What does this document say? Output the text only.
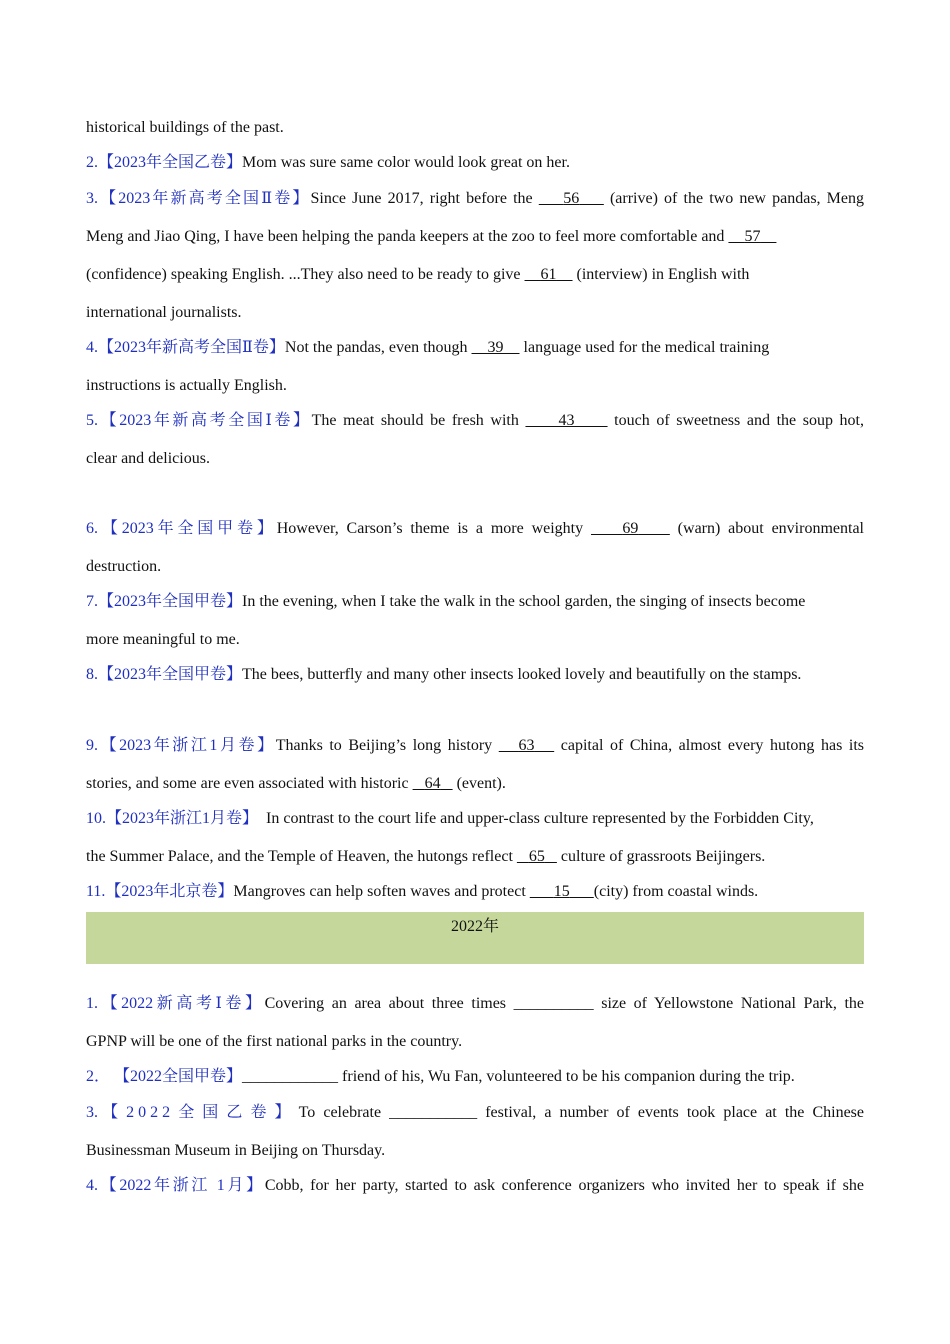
historical buildings of the past.
2.【2023年全国乙卷】Mom was sure same color would look great on her.
3.【2023年新高考全国Ⅱ卷】Since June 2017, right before the     56     (arrive) of the two new pandas, Meng
Meng and Jiao Qing, I have been helping the panda keepers at the zoo to feel more comfortable and     57
(confidence) speaking English. ...They also need to be ready to give     61     (interview) in English with
international journalists.
4.【2023年新高考全国Ⅱ卷】Not the pandas, even though     39     language used for the medical training
instructions is actually English.
5.【2023年新高考全国Ⅰ卷】The meat should be fresh with      43      touch of sweetness and the soup hot,
clear and delicious.
6.【2023年全国甲卷】However, Carson’s theme is a more weighty     69     (warn) about environmental
destruction.
7.【2023年全国甲卷】In the evening, when I take the walk in the school garden, the singing of insects become
more meaningful to me.
8.【2023年全国甲卷】The bees, butterfly and many other insects looked lovely and beautifully on the stamps.
9.【2023年浙江1月卷】Thanks to Beijing’s long history    63    capital of China, almost every hutong has its
stories, and some are even associated with historic    64    (event).
10.【2023年浙江1月卷】 In contrast to the court life and upper-class culture represented by the Forbidden City,
the Summer Palace, and the Temple of Heaven, the hutongs reflect    65    culture of grassroots Beijingers.
11.【2023年北京卷】Mangroves can help soften waves and protect       15 (city) from coastal winds.
2022年
1.【2022新高考Ⅰ卷】Covering an area about three times __________ size of Yellowstone National Park, the
GPNP will be one of the first national parks in the country.
2． 【2022全国甲卷】____________ friend of his, Wu Fan, volunteered to be his companion during the trip.
3.【2022全国乙卷】To celebrate ___________ festival, a number of events took place at the Chinese
Businessman Museum in Beijing on Thursday.
4.【2022年浙江 1月】Cobb, for her party, started to ask conference organizers who invited her to speak if she
